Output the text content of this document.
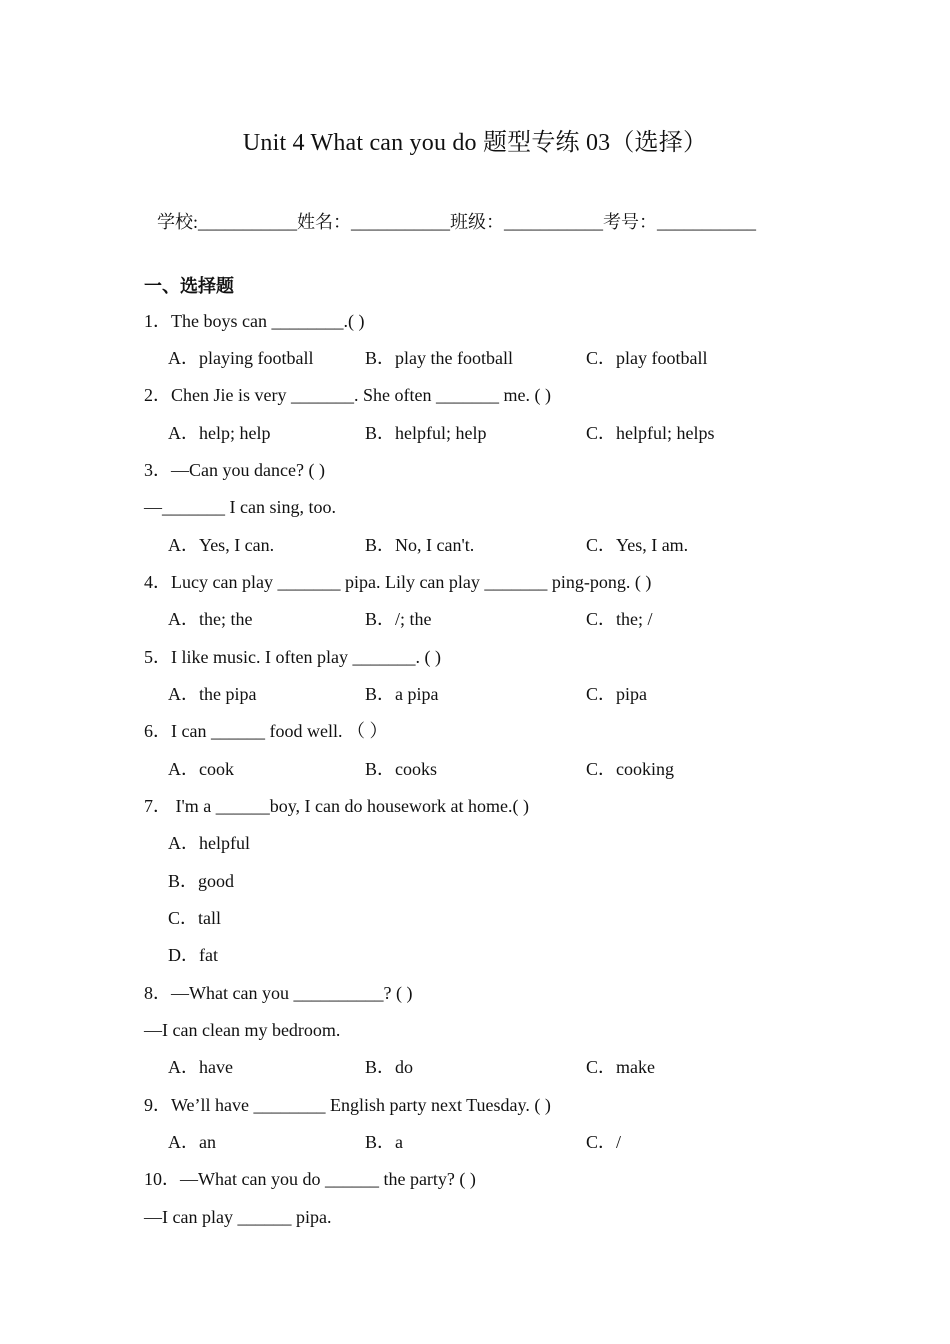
Unit 4 What can you do 题型专练 03（选择）
学校:___________姓名：___________班级：___________考号：___________
一、选择题
1．The boys can ________.( )
A．playing football	B．play the football	C．play football
2．Chen Jie is very _______. She often _______ me. ( )
A．help; help	B．helpful; help	C．helpful; helps
3．—Can you dance? ( )
—_______ I can sing, too.
A．Yes, I can.	B．No, I can't.	C．Yes, I am.
4．Lucy can play _______ pipa. Lily can play _______ ping-pong. ( )
A．the; the	B．/; the	C．the; /
5．I like music. I often play _______. ( )
A．the pipa	B．a pipa	C．pipa
6．I can ______ food well. （ ）
A．cook	B．cooks	C．cooking
7． I'm a ______boy, I can do housework at home.( )
A．helpful
B．good
C．tall
D．fat
8．—What can you __________? ( )
—I can clean my bedroom.
A．have	B．do	C．make
9．We’ll have ________ English party next Tuesday. ( )
A．an	B．a	C．/
10．—What can you do ______ the party? ( )
—I can play ______ pipa.
